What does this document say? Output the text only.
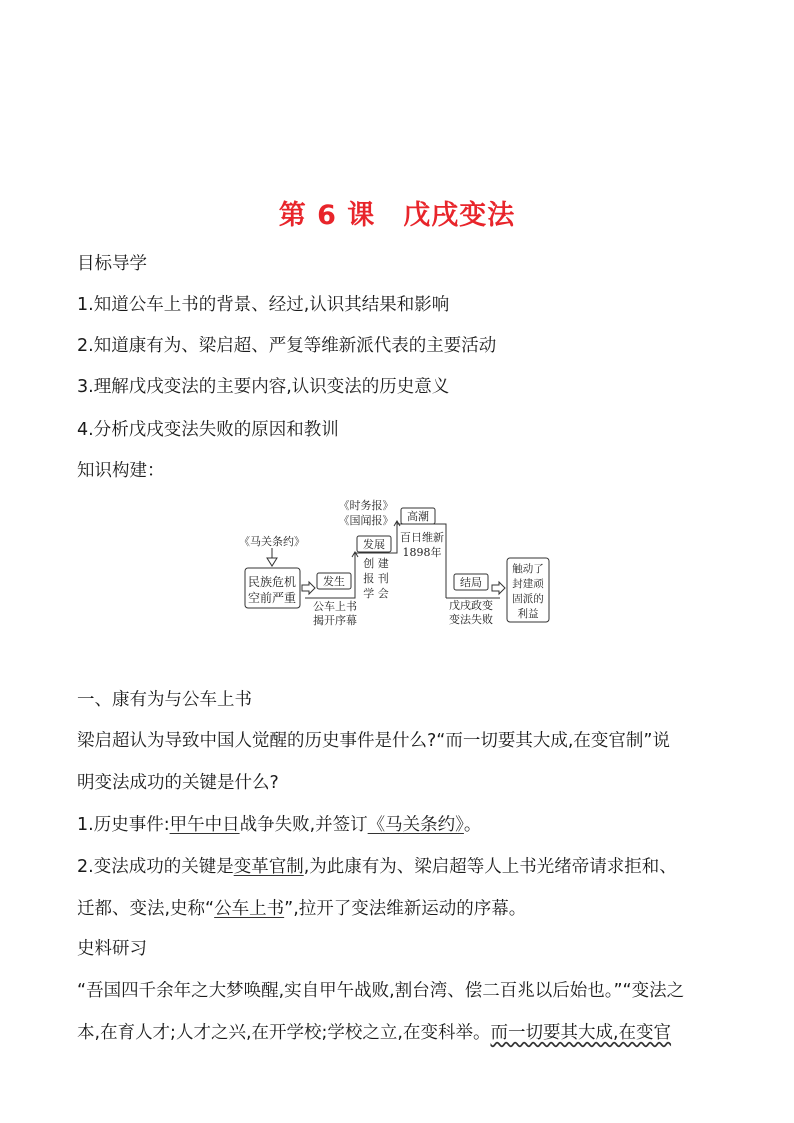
第 6 课　戊戌变法
目标导学
1.知道公车上书的背景、经过,认识其结果和影响
2.知道康有为、梁启超、严复等维新派代表的主要活动
3.理解戊戌变法的主要内容,认识变法的历史意义
4.分析戊戌变法失败的原因和教训
知识构建：
《马关条约》
民族危机
空前严重
发生
公车上书
揭开序幕
发展
《时务报》
《国闻报》
创 建
报 刊
学 会
高潮
百日维新
1898年
结局
戊戌政变
变法失败
触动了
封建顽
固派的
利益
一、康有为与公车上书
梁启超认为导致中国人觉醒的历史事件是什么?“而一切要其大成,在变官制”说
明变法成功的关键是什么?
1.历史事件:甲午中日战争失败,并签订《马关条约》。
2.变法成功的关键是变革官制,为此康有为、梁启超等人上书光绪帝请求拒和、
迁都、变法,史称“公车上书”,拉开了变法维新运动的序幕。
史料研习
“吾国四千余年之大梦唤醒,实自甲午战败,割台湾、偿二百兆以后始也。”“变法之
本,在育人才;人才之兴,在开学校;学校之立,在变科举。而一切要其大成,在变官
